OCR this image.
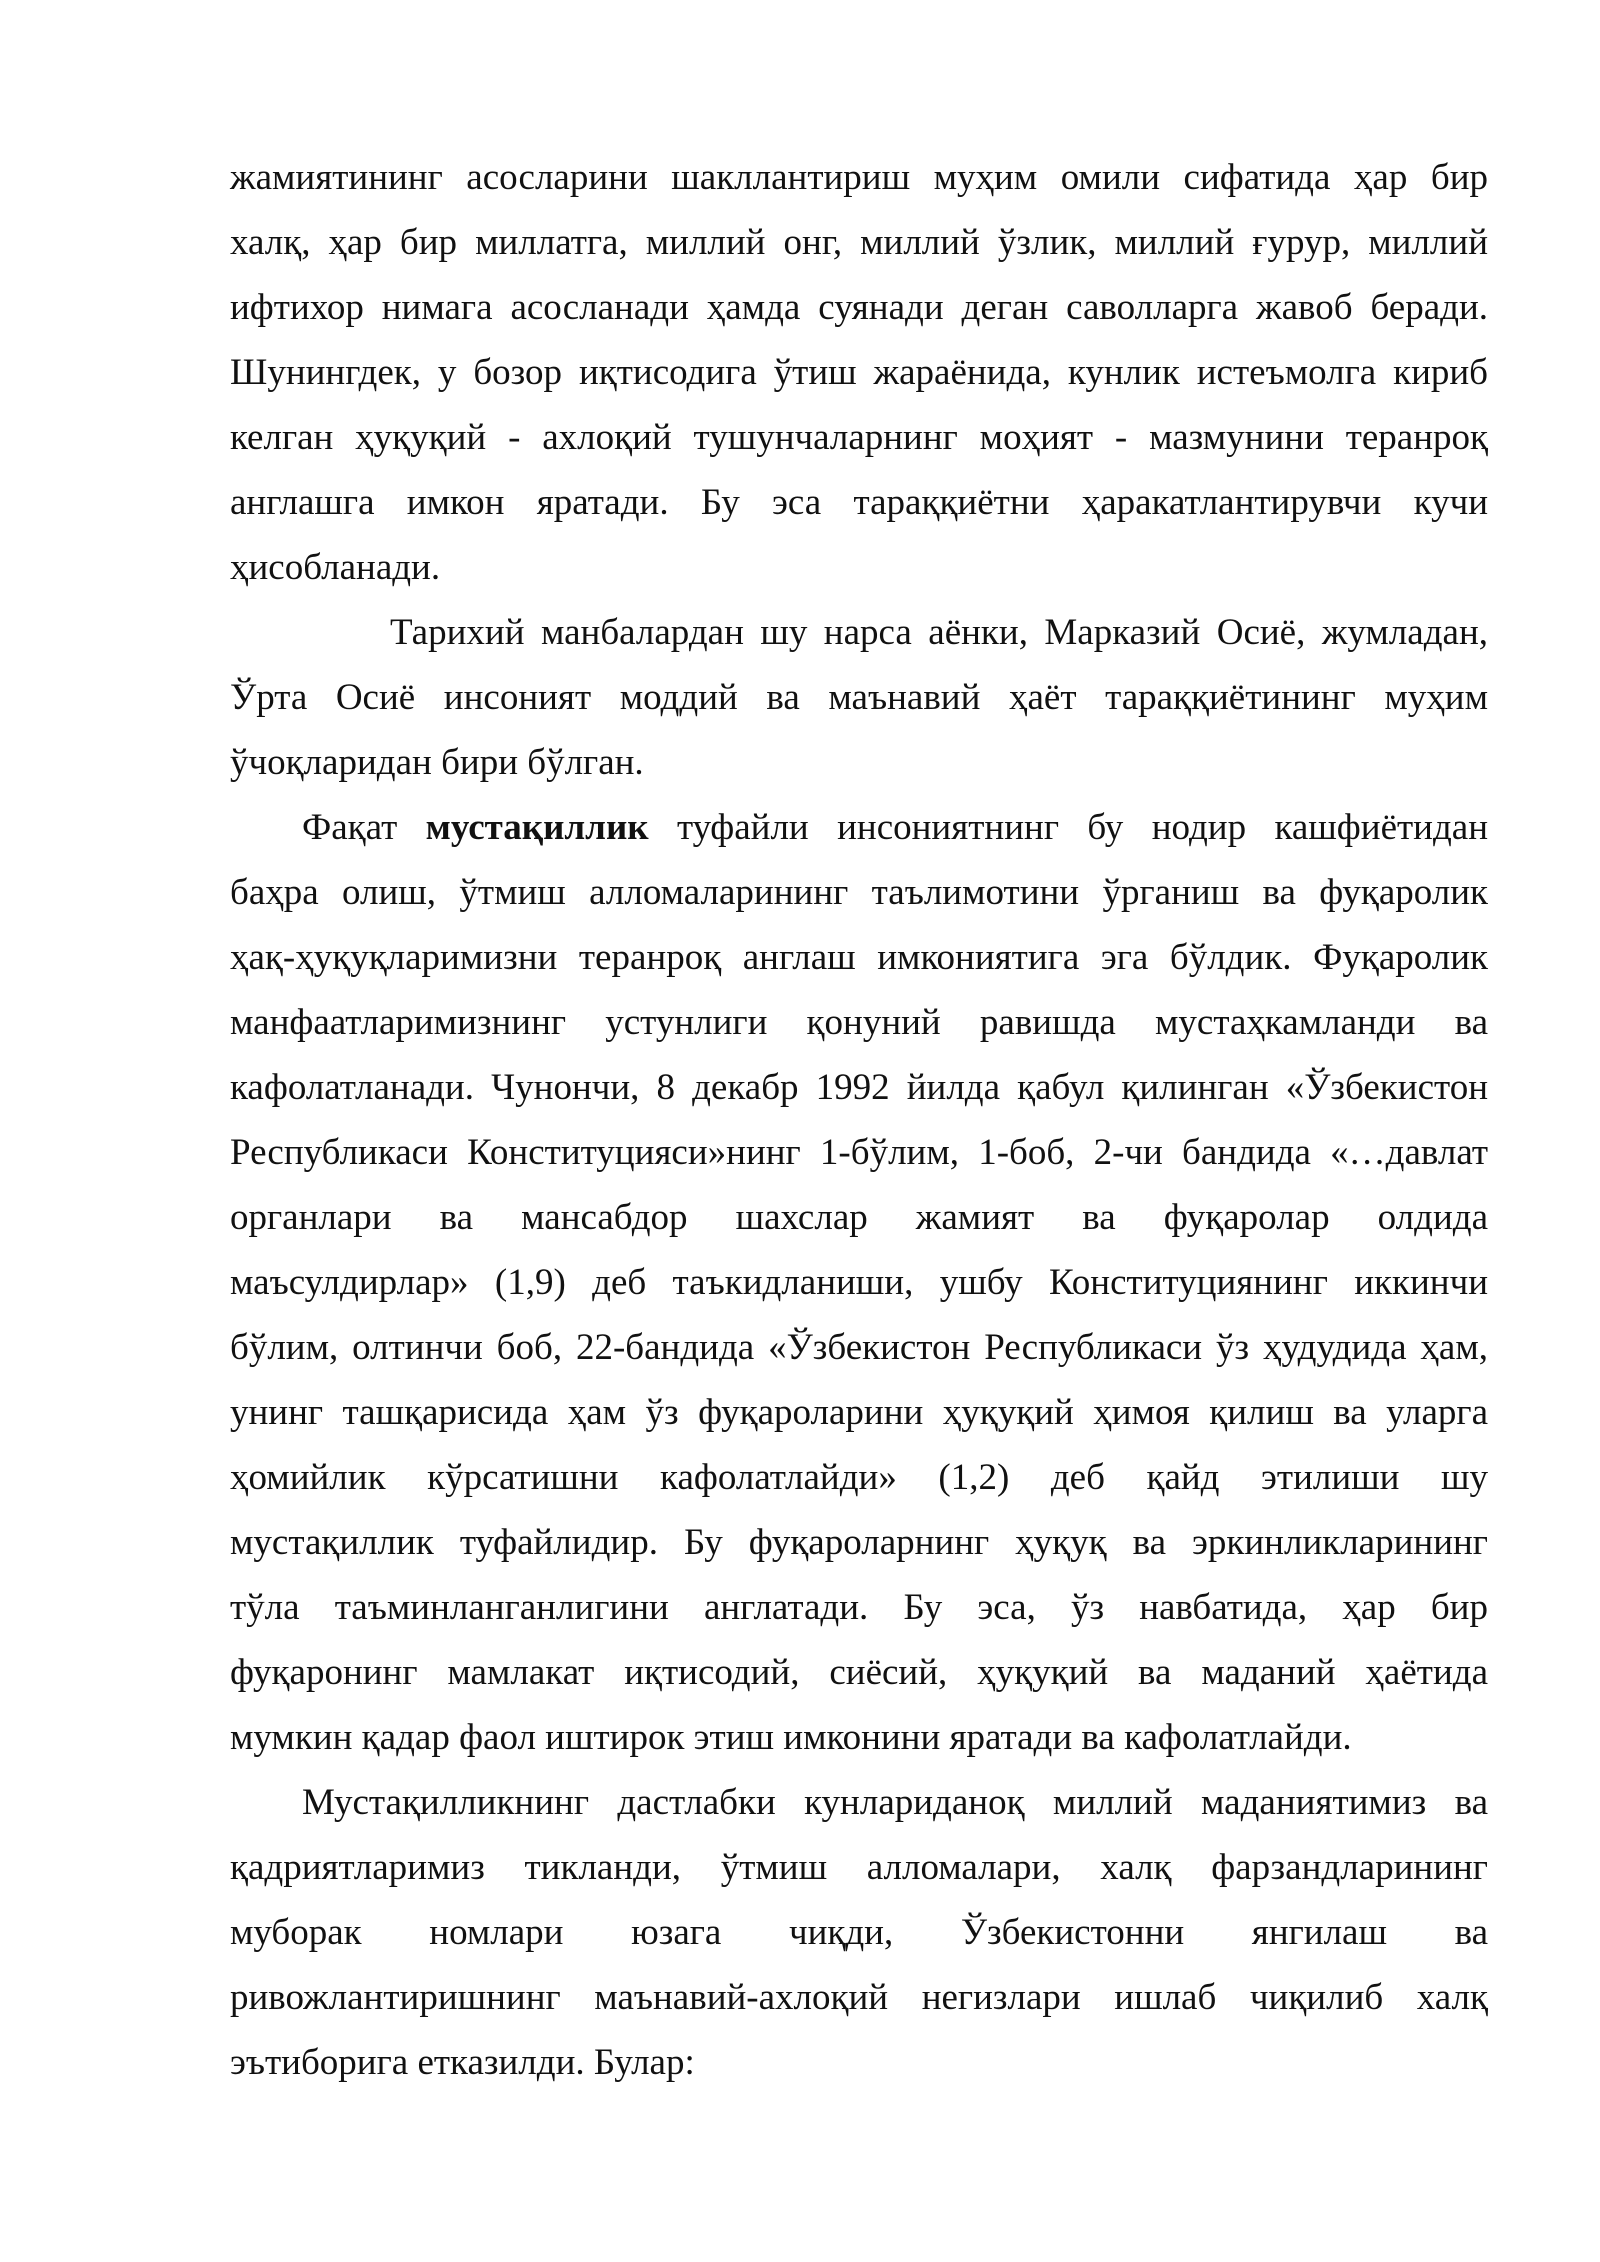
жамиятининг асосларини шакллантириш муҳим омили сифатида ҳар бир
халқ, ҳар бир миллатга, миллий онг, миллий ўзлик, миллий ғурур, миллий
ифтихор нимага асосланади ҳамда суянади деган саволларга жавоб беради.
Шунингдек, у бозор иқтисодига ўтиш жараёнида, кунлик истеъмолга кириб
келган ҳуқуқий - ахлоқий тушунчаларнинг моҳият - мазмунини теранроқ
англашга имкон яратади. Бу эса тараққиётни ҳаракатлантирувчи кучи
ҳисобланади.
Тарихий манбалардан шу нарса аёнки, Марказий Осиё, жумладан,
Ўрта Осиё инсоният моддий ва маънавий ҳаёт тараққиётининг муҳим
ўчоқларидан бири бўлган.
Фақат мустақиллик туфайли инсониятнинг бу нодир кашфиётидан
баҳра олиш, ўтмиш алломаларининг таълимотини ўрганиш ва фуқаролик
ҳақ-ҳуқуқларимизни теранроқ англаш имкониятига эга бўлдик. Фуқаролик
манфаатларимизнинг устунлиги қонуний равишда мустаҳкамланди ва
кафолатланади. Чунончи, 8 декабр 1992 йилда қабул қилинган «Ўзбекистон
Республикаси Конституцияси»нинг 1-бўлим, 1-боб, 2-чи бандида «…давлат
органлари ва мансабдор шахслар жамият ва фуқаролар олдида
маъсулдирлар» (1,9) деб таъкидланиши, ушбу Конституциянинг иккинчи
бўлим, олтинчи боб, 22-бандида «Ўзбекистон Республикаси ўз ҳудудида ҳам,
унинг ташқарисида ҳам ўз фуқароларини ҳуқуқий ҳимоя қилиш ва уларга
ҳомийлик кўрсатишни кафолатлайди» (1,2) деб қайд этилиши шу
мустақиллик туфайлидир. Бу фуқароларнинг ҳуқуқ ва эркинликларининг
тўла таъминланганлигини англатади. Бу эса, ўз навбатида, ҳар бир
фуқаронинг мамлакат иқтисодий, сиёсий, ҳуқуқий ва маданий ҳаётида
мумкин қадар фаол иштирок этиш имконини яратади ва кафолатлайди.
Мустақилликнинг дастлабки кунлариданоқ миллий маданиятимиз ва
қадриятларимиз тикланди, ўтмиш алломалари, халқ фарзандларининг
муборак номлари юзага чиқди, Ўзбекистонни янгилаш ва
ривожлантиришнинг маънавий-ахлоқий негизлари ишлаб чиқилиб халқ
эътиборига етказилди. Булар:
